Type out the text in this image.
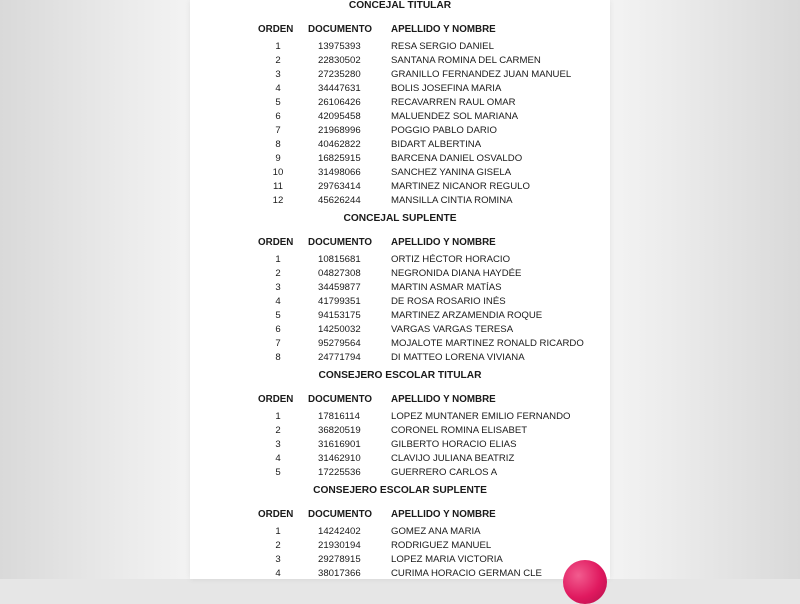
CONCEJAL TITULAR
ORDEN	DOCUMENTO	APELLIDO Y NOMBRE
1	13975393	RESA SERGIO DANIEL
2	22830502	SANTANA ROMINA DEL CARMEN
3	27235280	GRANILLO FERNANDEZ JUAN MANUEL
4	34447631	BOLIS JOSEFINA MARIA
5	26106426	RECAVARREN RAUL OMAR
6	42095458	MALUENDEZ SOL MARIANA
7	21968996	POGGIO PABLO DARIO
8	40462822	BIDART ALBERTINA
9	16825915	BARCENA DANIEL OSVALDO
10	31498066	SANCHEZ YANINA GISELA
11	29763414	MARTINEZ NICANOR REGULO
12	45626244	MANSILLA CINTIA ROMINA
CONCEJAL SUPLENTE
ORDEN	DOCUMENTO	APELLIDO Y NOMBRE
1	10815681	ORTIZ HÉCTOR HORACIO
2	04827308	NEGRONIDA DIANA HAYDÉE
3	34459877	MARTIN ASMAR MATÍAS
4	41799351	DE ROSA ROSARIO INÉS
5	94153175	MARTINEZ ARZAMENDIA ROQUE
6	14250032	VARGAS VARGAS TERESA
7	95279564	MOJALOTE MARTINEZ RONALD RICARDO
8	24771794	DI MATTEO LORENA VIVIANA
CONSEJERO ESCOLAR TITULAR
ORDEN	DOCUMENTO	APELLIDO Y NOMBRE
1	17816114	LOPEZ MUNTANER EMILIO FERNANDO
2	36820519	CORONEL ROMINA ELISABET
3	31616901	GILBERTO HORACIO ELIAS
4	31462910	CLAVIJO JULIANA BEATRIZ
5	17225536	GUERRERO CARLOS A
CONSEJERO ESCOLAR SUPLENTE
ORDEN	DOCUMENTO	APELLIDO Y NOMBRE
1	14242402	GOMEZ ANA MARIA
2	21930194	RODRIGUEZ MANUEL
3	29278915	LOPEZ MARIA VICTORIA
4	38017366	CURIMA HORACIO GERMAN CLE
